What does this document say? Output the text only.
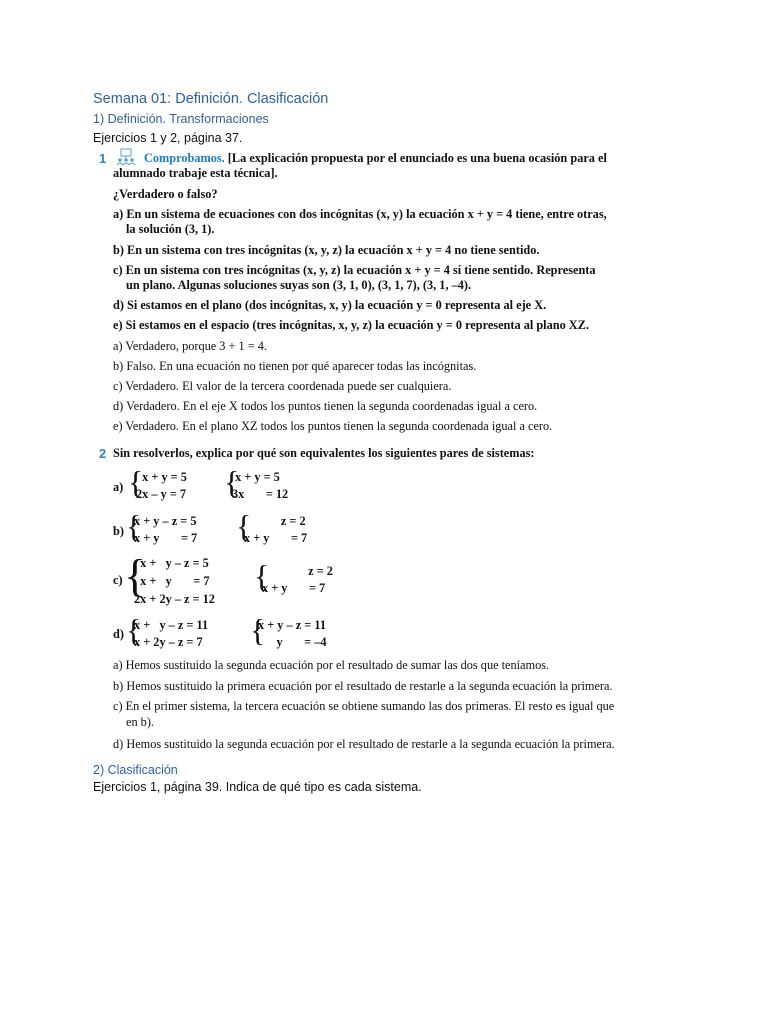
Semana 01: Definición. Clasificación
1) Definición. Transformaciones
Ejercicios 1 y 2, página 37.
1	Comprobamos. [La explicación propuesta por el enunciado es una buena ocasión para el
alumnado trabaje esta técnica].
¿Verdadero o falso?
a) En un sistema de ecuaciones con dos incógnitas (x, y) la ecuación x + y = 4 tiene, entre otras,
la solución (3, 1).
b) En un sistema con tres incógnitas (x, y, z) la ecuación x + y = 4 no tiene sentido.
c) En un sistema con tres incógnitas (x, y, z) la ecuación x + y = 4 sí tiene sentido. Representa
un plano. Algunas soluciones suyas son (3, 1, 0), (3, 1, 7), (3, 1, –4).
d) Si estamos en el plano (dos incógnitas, x, y) la ecuación y = 0 representa al eje X.
e) Si estamos en el espacio (tres incógnitas, x, y, z) la ecuación y = 0 representa al plano XZ.
a) Verdadero, porque 3 + 1 = 4.
b) Falso. En una ecuación no tienen por qué aparecer todas las incógnitas.
c) Verdadero. El valor de la tercera coordenada puede ser cualquiera.
d) Verdadero. En el eje X todos los puntos tienen la segunda coordenadas igual a cero.
e) Verdadero. En el plano XZ todos los puntos tienen la segunda coordenada igual a cero.
2 Sin resolverlos, explica por qué son equivalentes los siguientes pares de sistemas:
a) {
x + y = 5
2x – y = 7 {
x + y = 5
3x       = 12
b) {
x + y – z = 5
x + y       = 7 {
z = 2
x + y       = 7
c) {
x +   y – z = 5
x +   y       = 7
2x + 2y – z = 12
{
z = 2
x + y       = 7
d) {
x +   y – z = 11
x + 2y – z = 7 {
x + y – z = 11
y       = –4
a) Hemos sustituido la segunda ecuación por el resultado de sumar las dos que teníamos.
b) Hemos sustituido la primera ecuación por el resultado de restarle a la segunda ecuación la primera.
c) En el primer sistema, la tercera ecuación se obtiene sumando las dos primeras. El resto es igual que
en b).
d) Hemos sustituido la segunda ecuación por el resultado de restarle a la segunda ecuación la primera.
2) Clasificación
Ejercicios 1, página 39. Indica de qué tipo es cada sistema.
